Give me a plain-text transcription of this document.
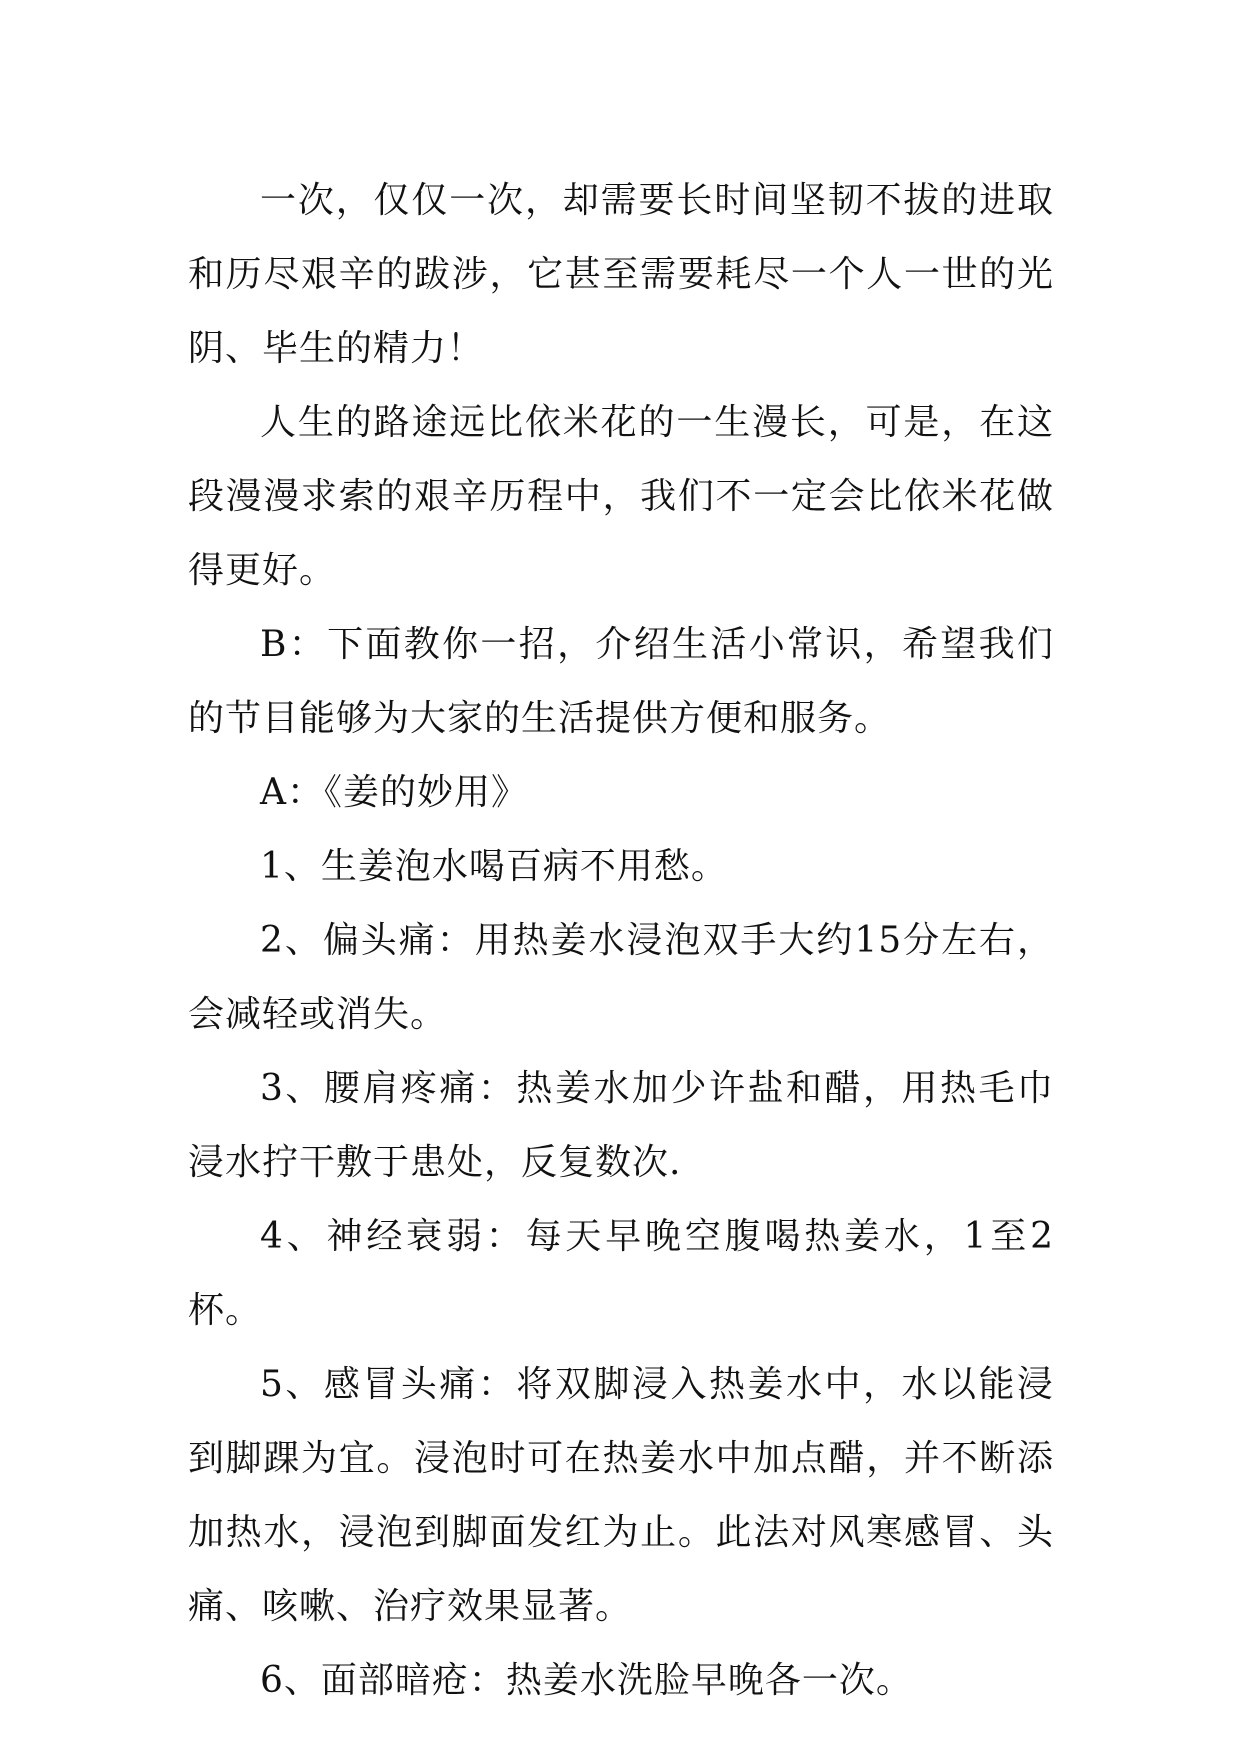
一次，仅仅一次，却需要长时间坚韧不拔的进取和历尽艰辛的跋涉，它甚至需要耗尽一个人一世的光阴、毕生的精力！

人生的路途远比依米花的一生漫长，可是，在这段漫漫求索的艰辛历程中，我们不一定会比依米花做得更好。

B：下面教你一招，介绍生活小常识，希望我们的节目能够为大家的生活提供方便和服务。

A：《姜的妙用》

1、生姜泡水喝百病不用愁。

2、偏头痛：用热姜水浸泡双手大约15分左右，会减轻或消失。

3、腰肩疼痛：热姜水加少许盐和醋，用热毛巾浸水拧干敷于患处，反复数次.

4、神经衰弱：每天早晚空腹喝热姜水，1至2杯。

5、感冒头痛：将双脚浸入热姜水中，水以能浸到脚踝为宜。浸泡时可在热姜水中加点醋，并不断添加热水，浸泡到脚面发红为止。此法对风寒感冒、头痛、咳嗽、治疗效果显著。

6、面部暗疮：热姜水洗脸早晚各一次。
